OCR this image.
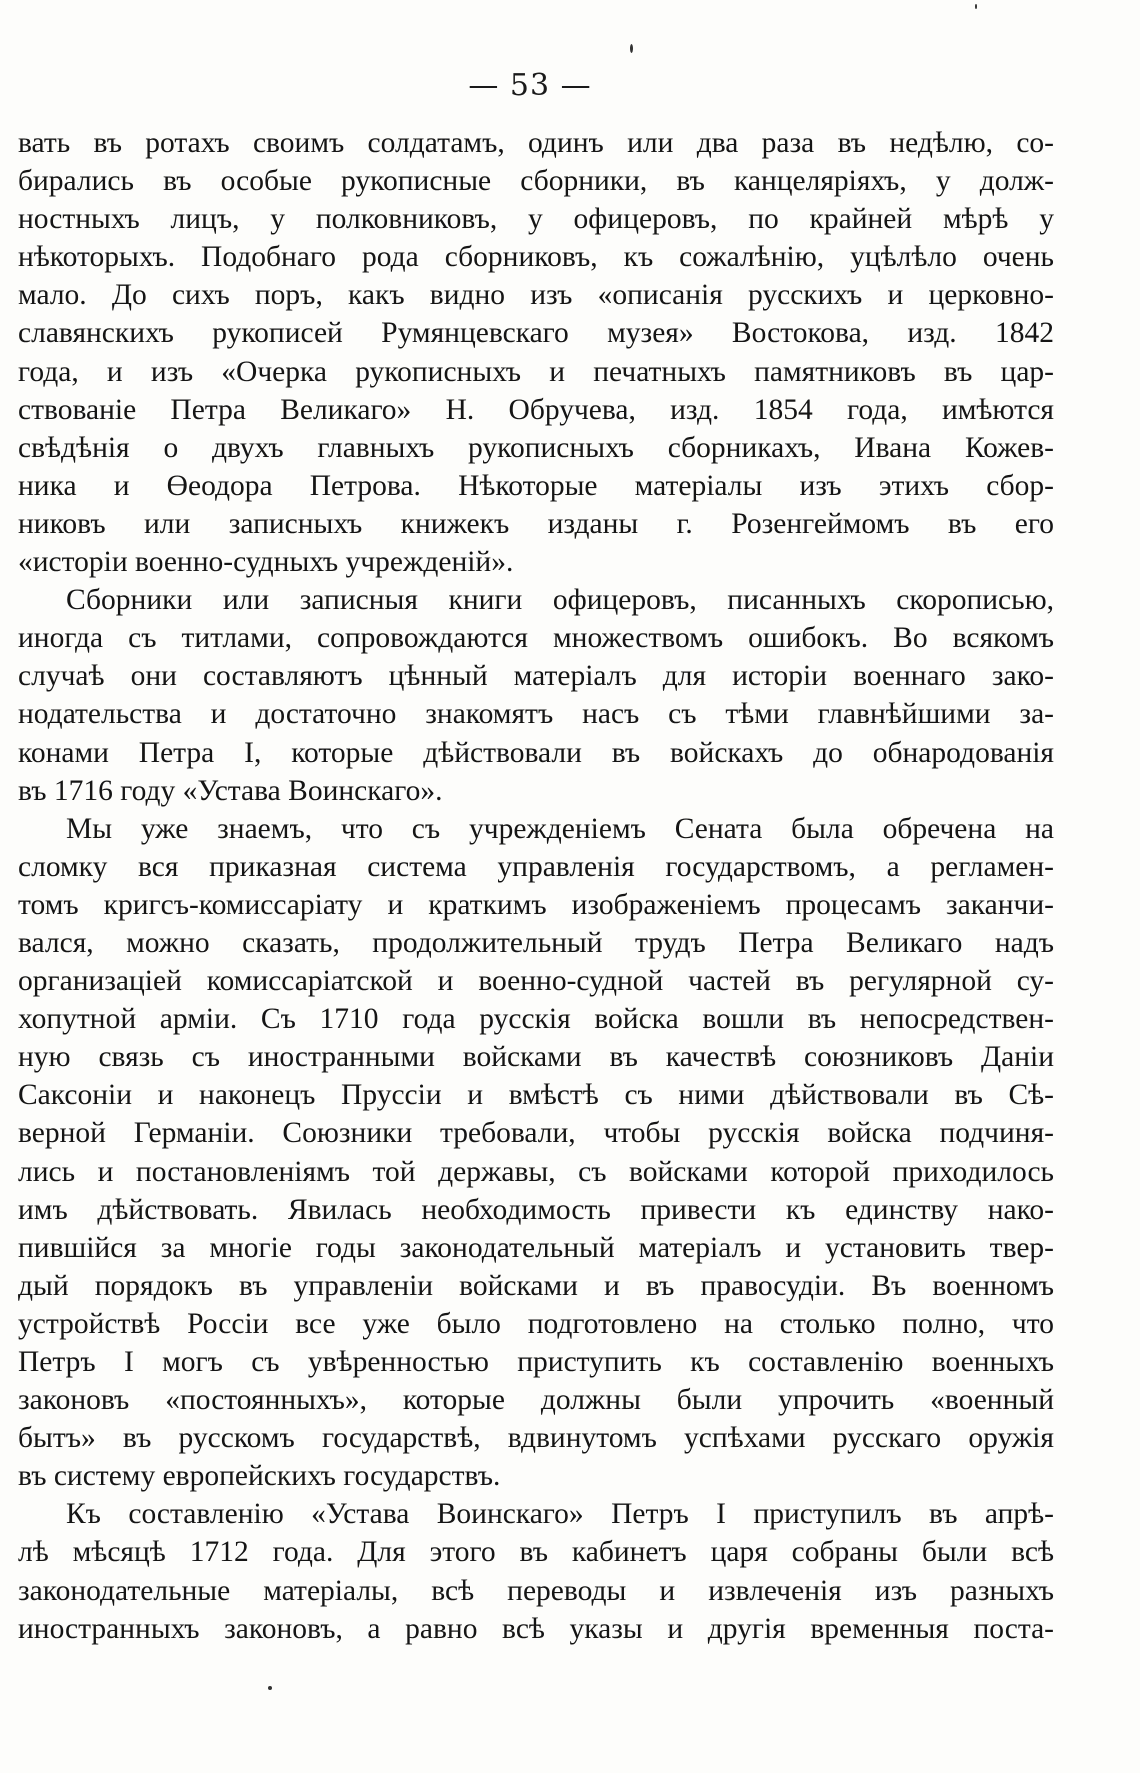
— 53 —
вать въ ротахъ своимъ солдатамъ, одинъ или два раза въ недѣлю, со-
бирались въ особые рукописные сборники, въ канцеляріяхъ, у долж-
ностныхъ лицъ, у полковниковъ, у офицеровъ, по крайней мѣрѣ у
нѣкоторыхъ. Подобнаго рода сборниковъ, къ сожалѣнію, уцѣлѣло очень
мало. До сихъ поръ, какъ видно изъ «описанія русскихъ и церковно-
славянскихъ рукописей Румянцевскаго музея» Востокова, изд. 1842
года, и изъ «Очерка рукописныхъ и печатныхъ памятниковъ въ цар-
ствованіе Петра Великаго» Н. Обручева, изд. 1854 года, имѣются
свѣдѣнія о двухъ главныхъ рукописныхъ сборникахъ, Ивана Кожев-
ника и Өеодора Петрова. Нѣкоторые матеріалы изъ этихъ сбор-
никовъ или записныхъ книжекъ изданы г. Розенгеймомъ въ его
«исторіи военно-судныхъ учрежденій».
Сборники или записныя книги офицеровъ, писанныхъ скорописью,
иногда съ титлами, сопровождаются множествомъ ошибокъ. Во всякомъ
случаѣ они составляютъ цѣнный матеріалъ для исторіи военнаго зако-
нодательства и достаточно знакомятъ насъ съ тѣми главнѣйшими за-
конами Петра I, которые дѣйствовали въ войскахъ до обнародованія
въ 1716 году «Устава Воинскаго».
Мы уже знаемъ, что съ учрежденіемъ Сената была обречена на
сломку вся приказная система управленія государствомъ, а регламен-
томъ кригсъ-комиссаріату и краткимъ изображеніемъ процесамъ заканчи-
вался, можно сказать, продолжительный трудъ Петра Великаго надъ
организаціей комиссаріатской и военно-судной частей въ регулярной су-
хопутной арміи. Съ 1710 года русскія войска вошли въ непосредствен-
ную связь съ иностранными войсками въ качествѣ союзниковъ Даніи
Саксоніи и наконецъ Пруссіи и вмѣстѣ съ ними дѣйствовали въ Сѣ-
верной Германіи. Союзники требовали, чтобы русскія войска подчиня-
лись и постановленіямъ той державы, съ войсками которой приходилось
имъ дѣйствовать. Явилась необходимость привести къ единству нако-
пившійся за многіе годы законодательный матеріалъ и установить твер-
дый порядокъ въ управленіи войсками и въ правосудіи. Въ военномъ
устройствѣ Россіи все уже было подготовлено на столько полно, что
Петръ I могъ съ увѣренностью приступить къ составленію военныхъ
законовъ «постоянныхъ», которые должны были упрочить «военный
бытъ» въ русскомъ государствѣ, вдвинутомъ успѣхами русскаго оружія
въ систему европейскихъ государствъ.
Къ составленію «Устава Воинскаго» Петръ I приступилъ въ апрѣ-
лѣ мѣсяцѣ 1712 года. Для этого въ кабинетъ царя собраны были всѣ
законодательные матеріалы, всѣ переводы и извлеченія изъ разныхъ
иностранныхъ законовъ, а равно всѣ указы и другія временныя поста-
